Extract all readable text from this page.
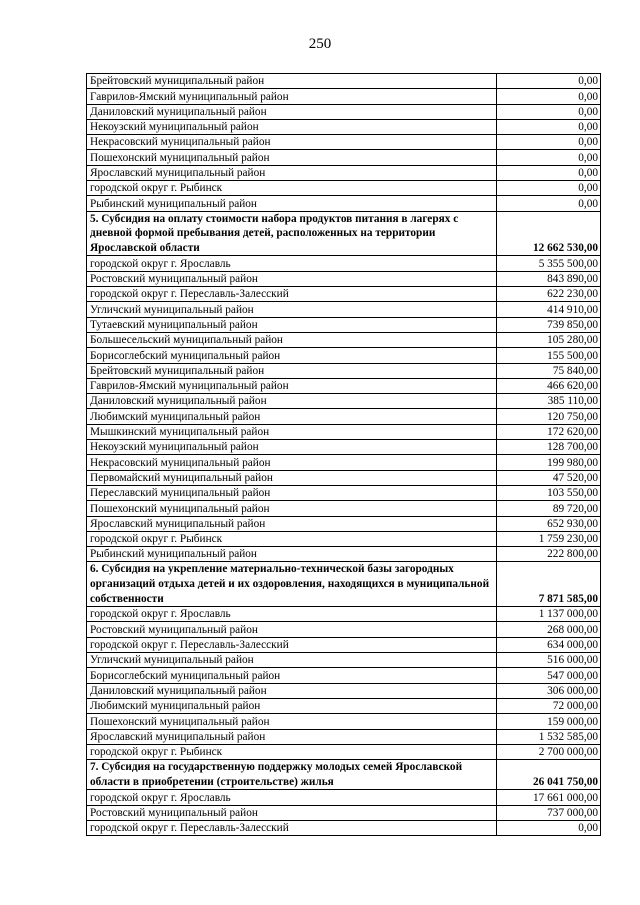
250
Брейтовский муниципальный район	0,00
Гаврилов-Ямский муниципальный район	0,00
Даниловский муниципальный район	0,00
Некоузский муниципальный район	0,00
Некрасовский муниципальный район	0,00
Пошехонский муниципальный район	0,00
Ярославский муниципальный район	0,00
городской округ г. Рыбинск	0,00
Рыбинский муниципальный район	0,00
5. Субсидия на оплату стоимости набора продуктов питания в лагерях с дневной формой пребывания детей, расположенных на территории Ярославской области	12 662 530,00
городской округ г. Ярославль	5 355 500,00
Ростовский муниципальный район	843 890,00
городской округ г. Переславль-Залесский	622 230,00
Угличский муниципальный район	414 910,00
Тутаевский муниципальный район	739 850,00
Большесельский муниципальный район	105 280,00
Борисоглебский муниципальный район	155 500,00
Брейтовский муниципальный район	75 840,00
Гаврилов-Ямский муниципальный район	466 620,00
Даниловский муниципальный район	385 110,00
Любимский муниципальный район	120 750,00
Мышкинский муниципальный район	172 620,00
Некоузский муниципальный район	128 700,00
Некрасовский муниципальный район	199 980,00
Первомайский муниципальный район	47 520,00
Переславский муниципальный район	103 550,00
Пошехонский муниципальный район	89 720,00
Ярославский муниципальный район	652 930,00
городской округ г. Рыбинск	1 759 230,00
Рыбинский муниципальный район	222 800,00
6. Субсидия на укрепление материально-технической базы загородных организаций отдыха детей и их оздоровления, находящихся в муниципальной собственности	7 871 585,00
городской округ г. Ярославль	1 137 000,00
Ростовский муниципальный район	268 000,00
городской округ г. Переславль-Залесский	634 000,00
Угличский муниципальный район	516 000,00
Борисоглебский муниципальный район	547 000,00
Даниловский муниципальный район	306 000,00
Любимский муниципальный район	72 000,00
Пошехонский муниципальный район	159 000,00
Ярославский муниципальный район	1 532 585,00
городской округ г. Рыбинск	2 700 000,00
7. Субсидия на государственную поддержку молодых семей Ярославской области в приобретении (строительстве) жилья	26 041 750,00
городской округ г. Ярославль	17 661 000,00
Ростовский муниципальный район	737 000,00
городской округ г. Переславль-Залесский	0,00
